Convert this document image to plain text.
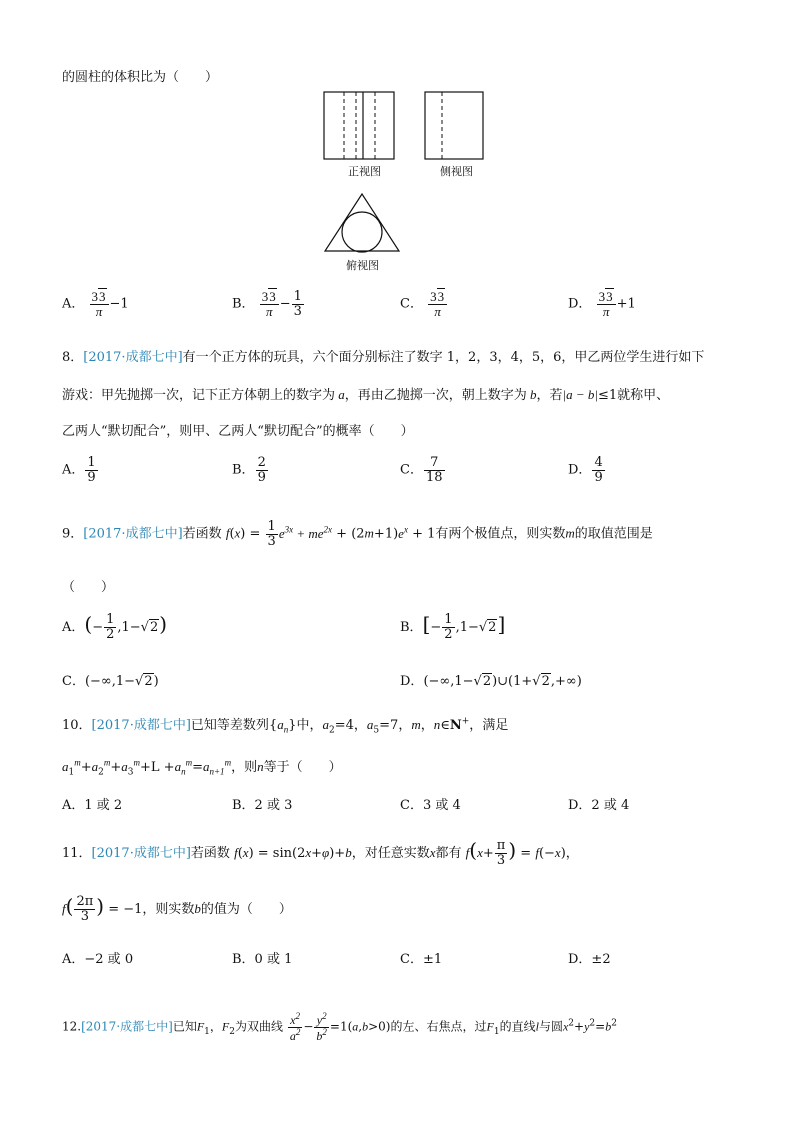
的圆柱的体积比为（　　）
正视图	侧视图
俯视图
A． $\frac{33}{\pi} -1$	B． $\frac{33}{\pi} - \frac{1}{3}$	C． $\frac{33}{\pi}$	D． $\frac{33}{\pi} +1$
8．[2017·成都七中]有一个正方体的玩具，六个面分别标注了数字 1，2，3，4，5，6，甲乙两位学生进行如下
游戏：甲先抛掷一次，记下正方体朝上的数字为 a，再由乙抛掷一次，朝上数字为 b，若|a − b|≤1就称甲、
乙两人“默切配合”，则甲、乙两人“默切配合”的概率（　　）
A． $\frac{1}{9}$	B． $\frac{2}{9}$	C． $\frac{7}{18}$	D． $\frac{4}{9}$
9．[2017·成都七中]若函数 $f(x) = \frac{1}{3} e^{3x} + me^{2x} + (2m+1)e^x + 1$有两个极值点，则实数m的取值范围是
（　　）
A．(− $\frac{1}{2} ,1-√2$)	B．[− $\frac{1}{2} ,1-√2$]
C．(−∞,1−√2)	D．(−∞,1−√2)∪(1+√2,+∞)
10．[2017·成都七中]已知等差数列$\{a_n\}$中，$a_2=4$，$a_5=7$，m，n∈N+，满足
$a_1^m+a_2^m+a_3^m+L +a_n^m=a_{n+1}^m$，则n等于（　　）
A．1 或 2	B．2 或 3	C．3 或 4	D．2 或 4
11．[2017·成都七中]若函数 f(x) = sin(2x+φ)+b，对任意实数x都有 $f(x+ \frac{\pi}{3}$ ) = f(−x)，
$f( \frac{2\pi}{3}$ ) = −1，则实数b的值为（　　）
A．−2 或 0	B．0 或 1	C．±1	D．±2
12.[2017·成都七中]已知$F_1$，$F_2$为双曲线 $\frac{x^2}{a^2} - \frac{y^2}{b^2} =1(a,b>0)$的左、右焦点，过$F_1$的直线l与圆$x^2+y^2=b^2$
